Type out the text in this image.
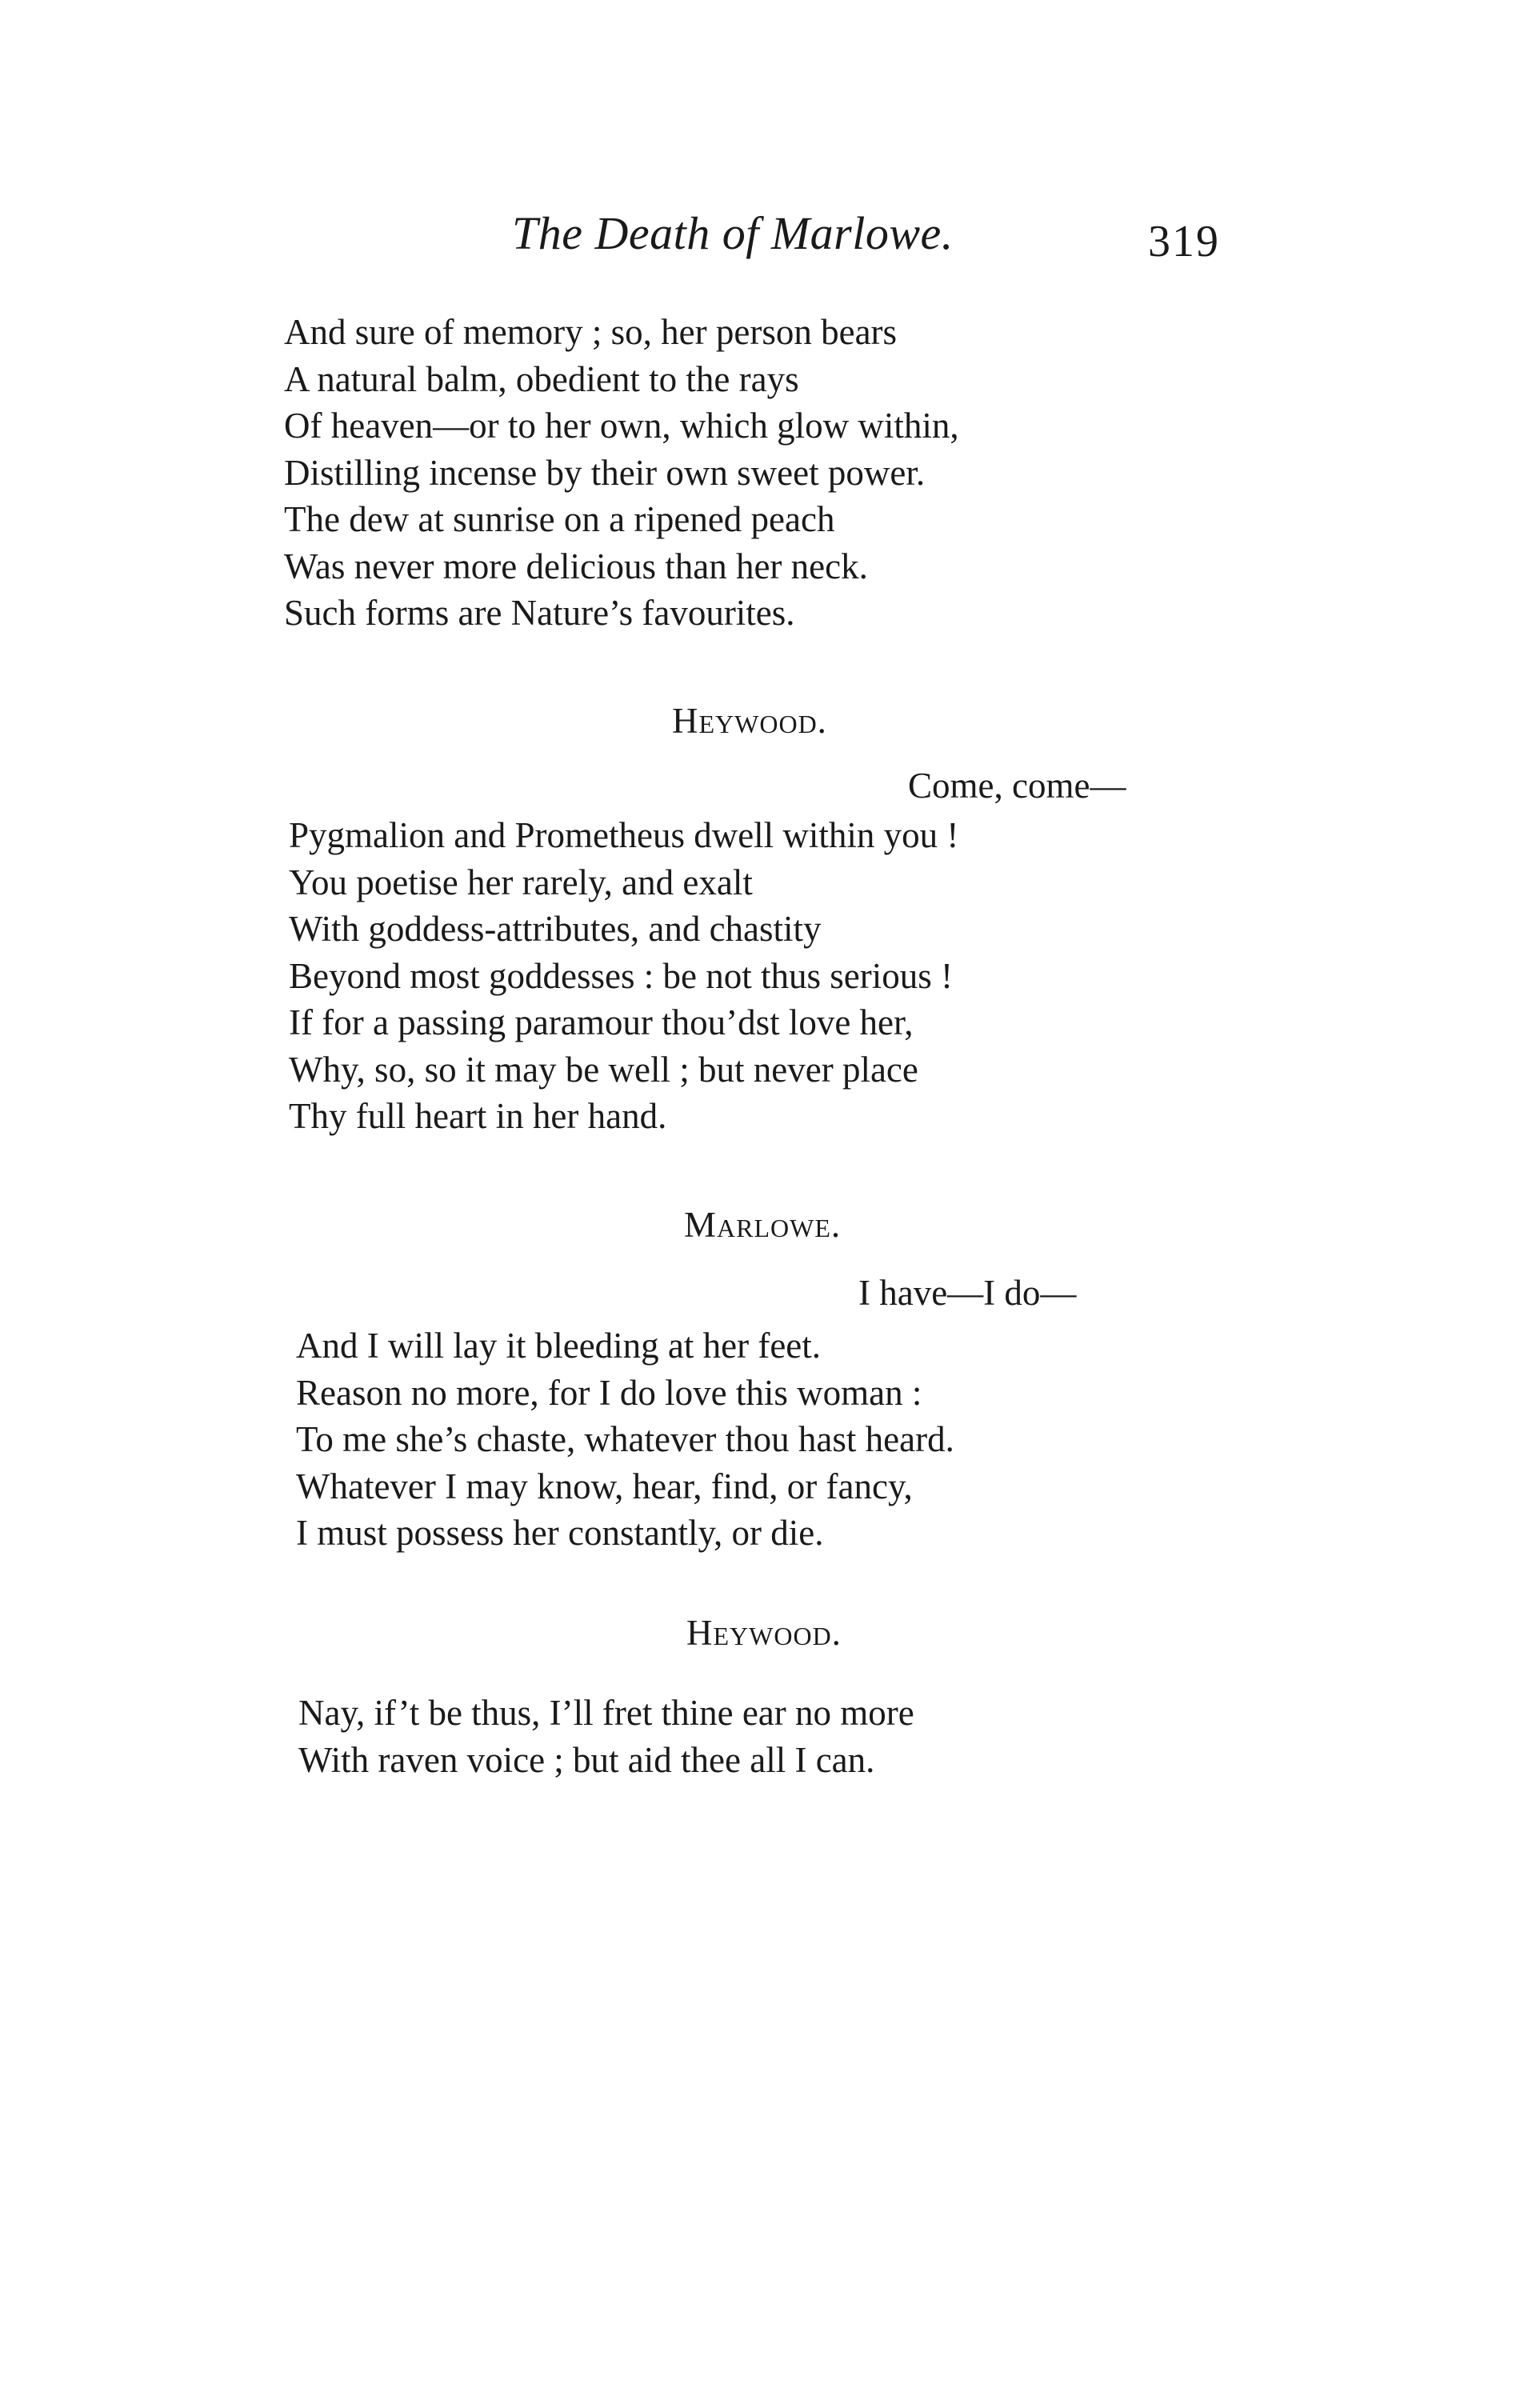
The Death of Marlowe.	319
And sure of memory ; so, her person bears
A natural balm, obedient to the rays
Of heaven—or to her own, which glow within,
Distilling incense by their own sweet power.
The dew at sunrise on a ripened peach
Was never more delicious than her neck.
Such forms are Nature’s favourites.
Heywood.
Come, come—
Pygmalion and Prometheus dwell within you !
You poetise her rarely, and exalt
With goddess-attributes, and chastity
Beyond most goddesses : be not thus serious !
If for a passing paramour thou’dst love her,
Why, so, so it may be well ; but never place
Thy full heart in her hand.
Marlowe.
I have—I do—
And I will lay it bleeding at her feet.
Reason no more, for I do love this woman :
To me she’s chaste, whatever thou hast heard.
Whatever I may know, hear, find, or fancy,
I must possess her constantly, or die.
Heywood.
Nay, if’t be thus, I’ll fret thine ear no more
With raven voice ; but aid thee all I can.
